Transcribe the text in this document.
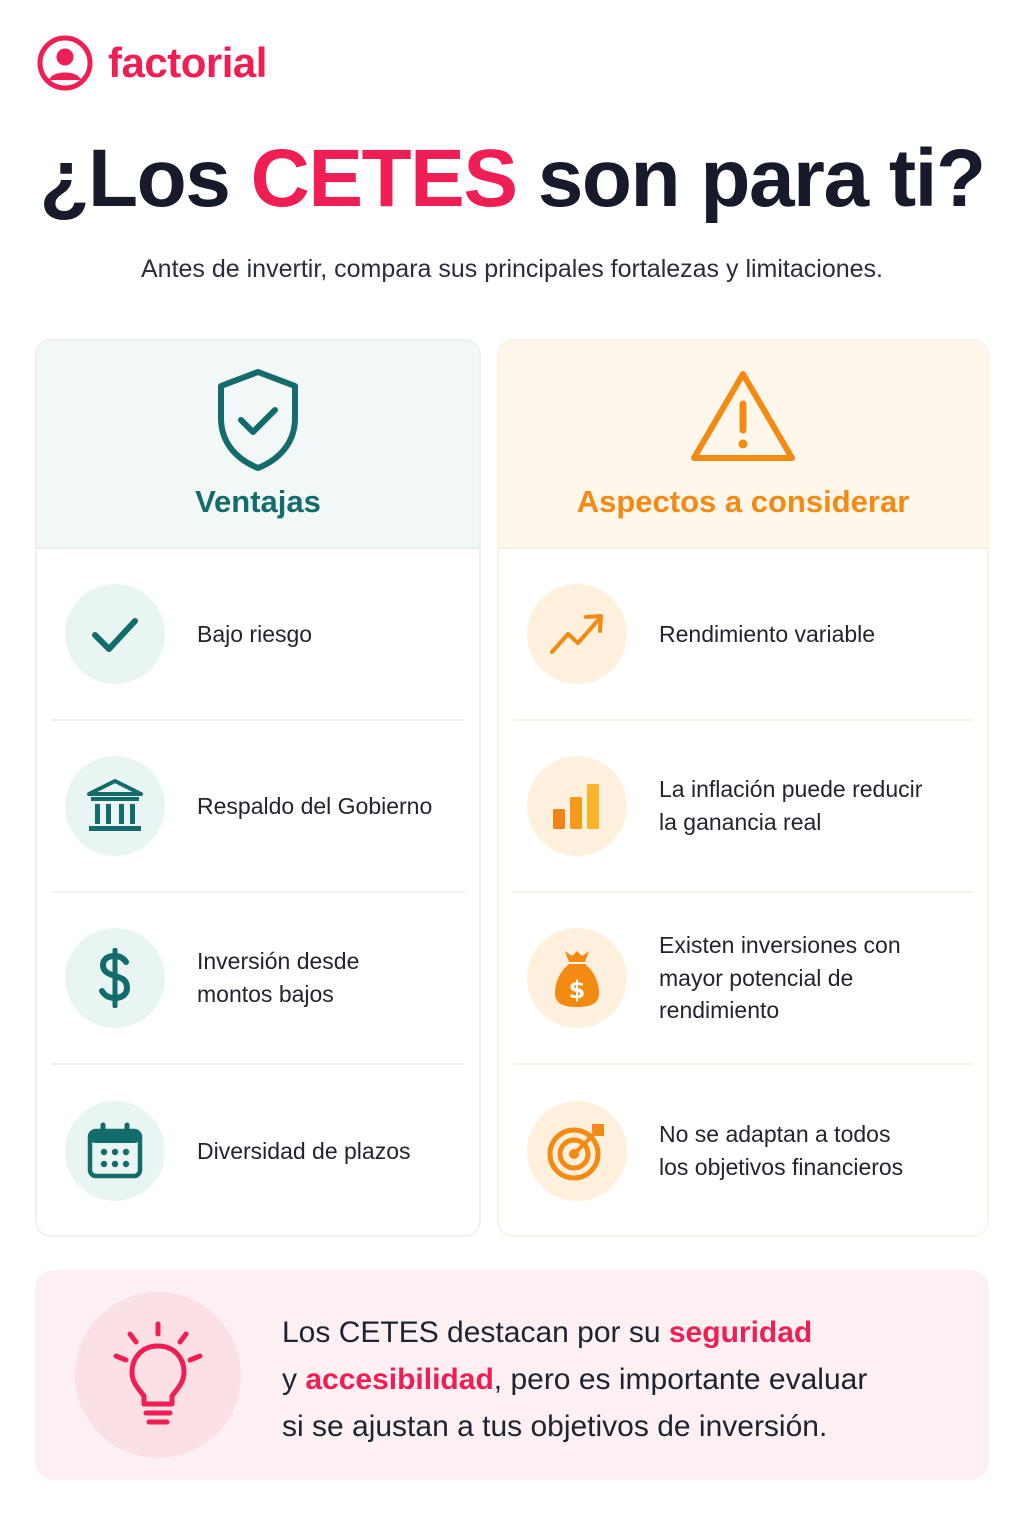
factorial
¿Los CETES son para ti?

Antes de invertir, compara sus principales fortalezas y limitaciones.

Ventajas
Bajo riesgo
Respaldo del Gobierno
Inversión desde
montos bajos
Diversidad de plazos
Aspectos a considerar
Rendimiento variable
La inflación puede reducir
la ganancia real
$
Existen inversiones con
mayor potencial de rendimiento
No se adaptan a todos
los objetivos financieros

Los CETES destacan por su seguridad
y accesibilidad, pero es importante evaluar
si se ajustan a tus objetivos de inversión.
